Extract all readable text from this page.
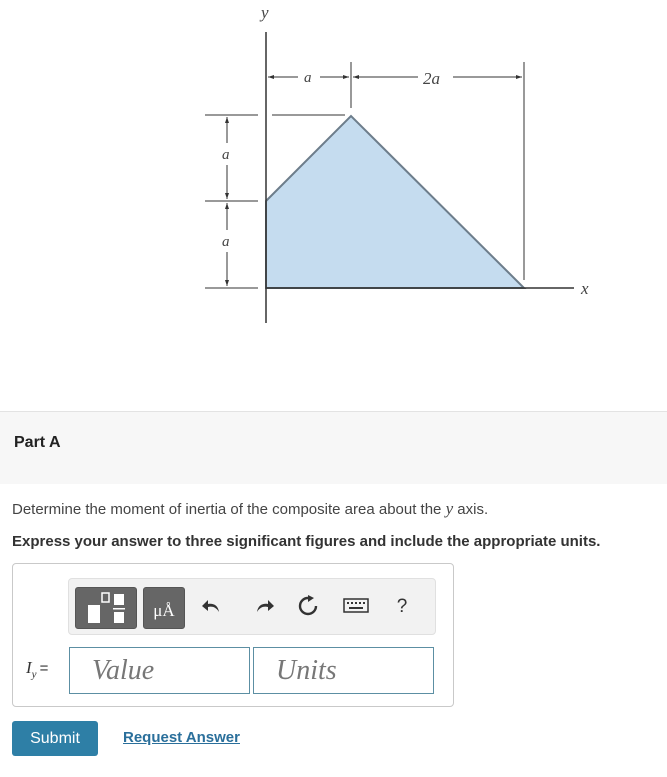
y
x
a	2a
a
a
Part A
Determine the moment of inertia of the composite area about the y axis.
Express your answer to three significant figures and include the appropriate units.
μÅ	?
$I_y$ =	Value	Units
Submit	Request Answer
